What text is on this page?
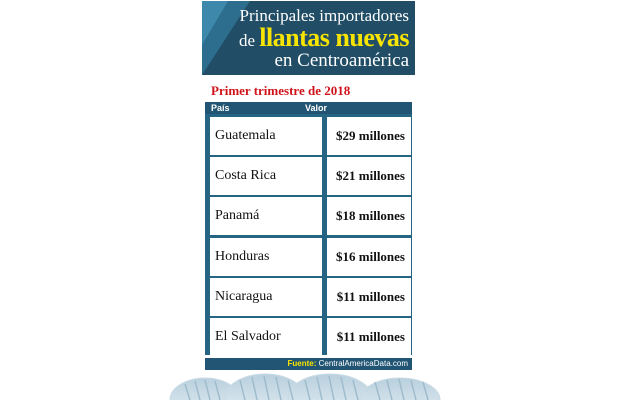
Principales importadores
de llantas nuevas
en Centroamérica
Primer trimestre de 2018
País	Valor
Guatemala	$29 millones
Costa Rica	$21 millones
Panamá	$18 millones
Honduras	$16 millones
Nicaragua	$11 millones
El Salvador	$11 millones
Fuente: CentralAmericaData.com
